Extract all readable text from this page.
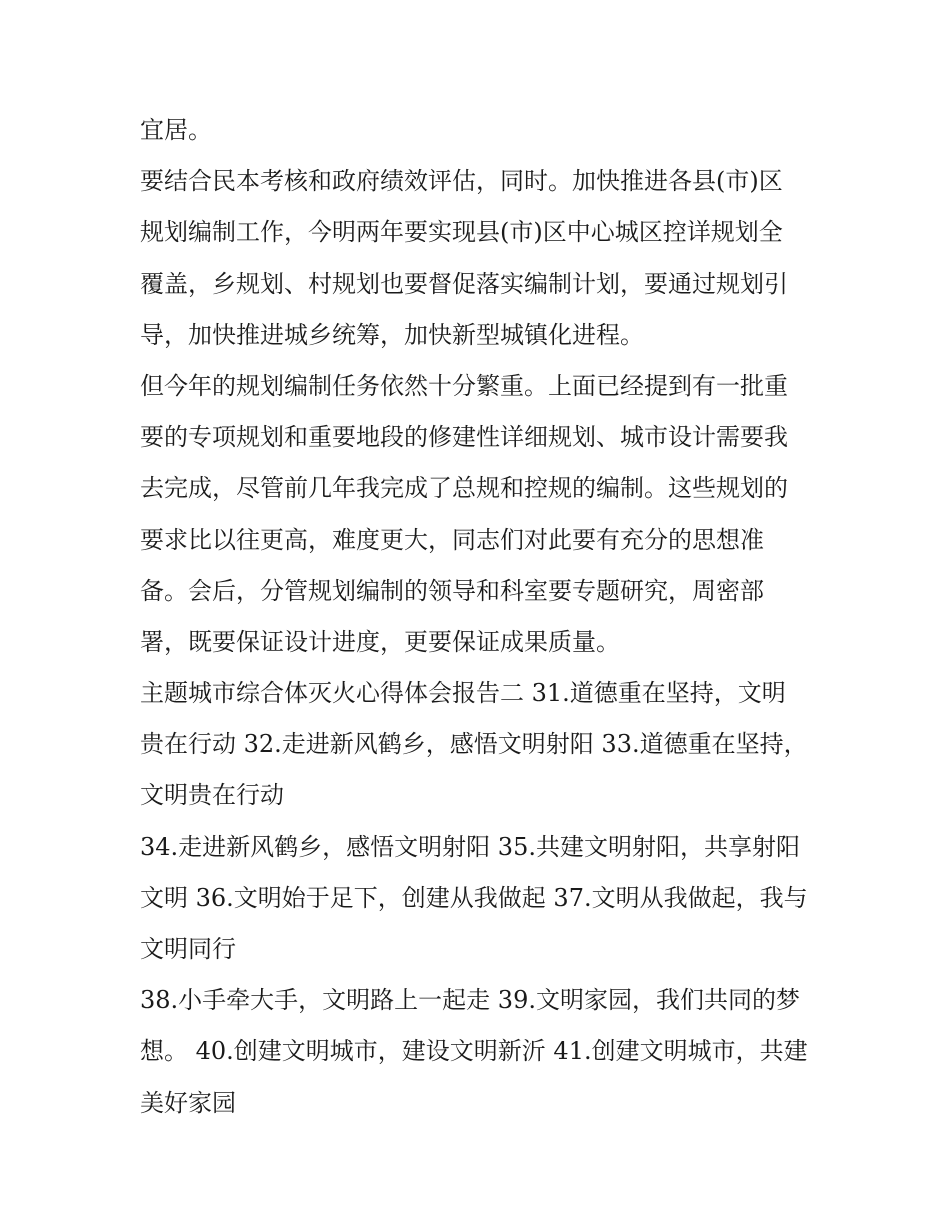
宜居。
要结合民本考核和政府绩效评估，同时。加快推进各县(市)区
规划编制工作，今明两年要实现县(市)区中心城区控详规划全
覆盖，乡规划、村规划也要督促落实编制计划，要通过规划引
导，加快推进城乡统筹，加快新型城镇化进程。
但今年的规划编制任务依然十分繁重。上面已经提到有一批重
要的专项规划和重要地段的修建性详细规划、城市设计需要我
去完成，尽管前几年我完成了总规和控规的编制。这些规划的
要求比以往更高，难度更大，同志们对此要有充分的思想准
备。会后，分管规划编制的领导和科室要专题研究，周密部
署，既要保证设计进度，更要保证成果质量。
主题城市综合体灭火心得体会报告二 31.道德重在坚持，文明
贵在行动 32.走进新风鹤乡，感悟文明射阳 33.道德重在坚持，
文明贵在行动
34.走进新风鹤乡，感悟文明射阳 35.共建文明射阳，共享射阳
文明 36.文明始于足下，创建从我做起 37.文明从我做起，我与
文明同行
38.小手牵大手，文明路上一起走 39.文明家园，我们共同的梦
想。 40.创建文明城市，建设文明新沂 41.创建文明城市，共建
美好家园
